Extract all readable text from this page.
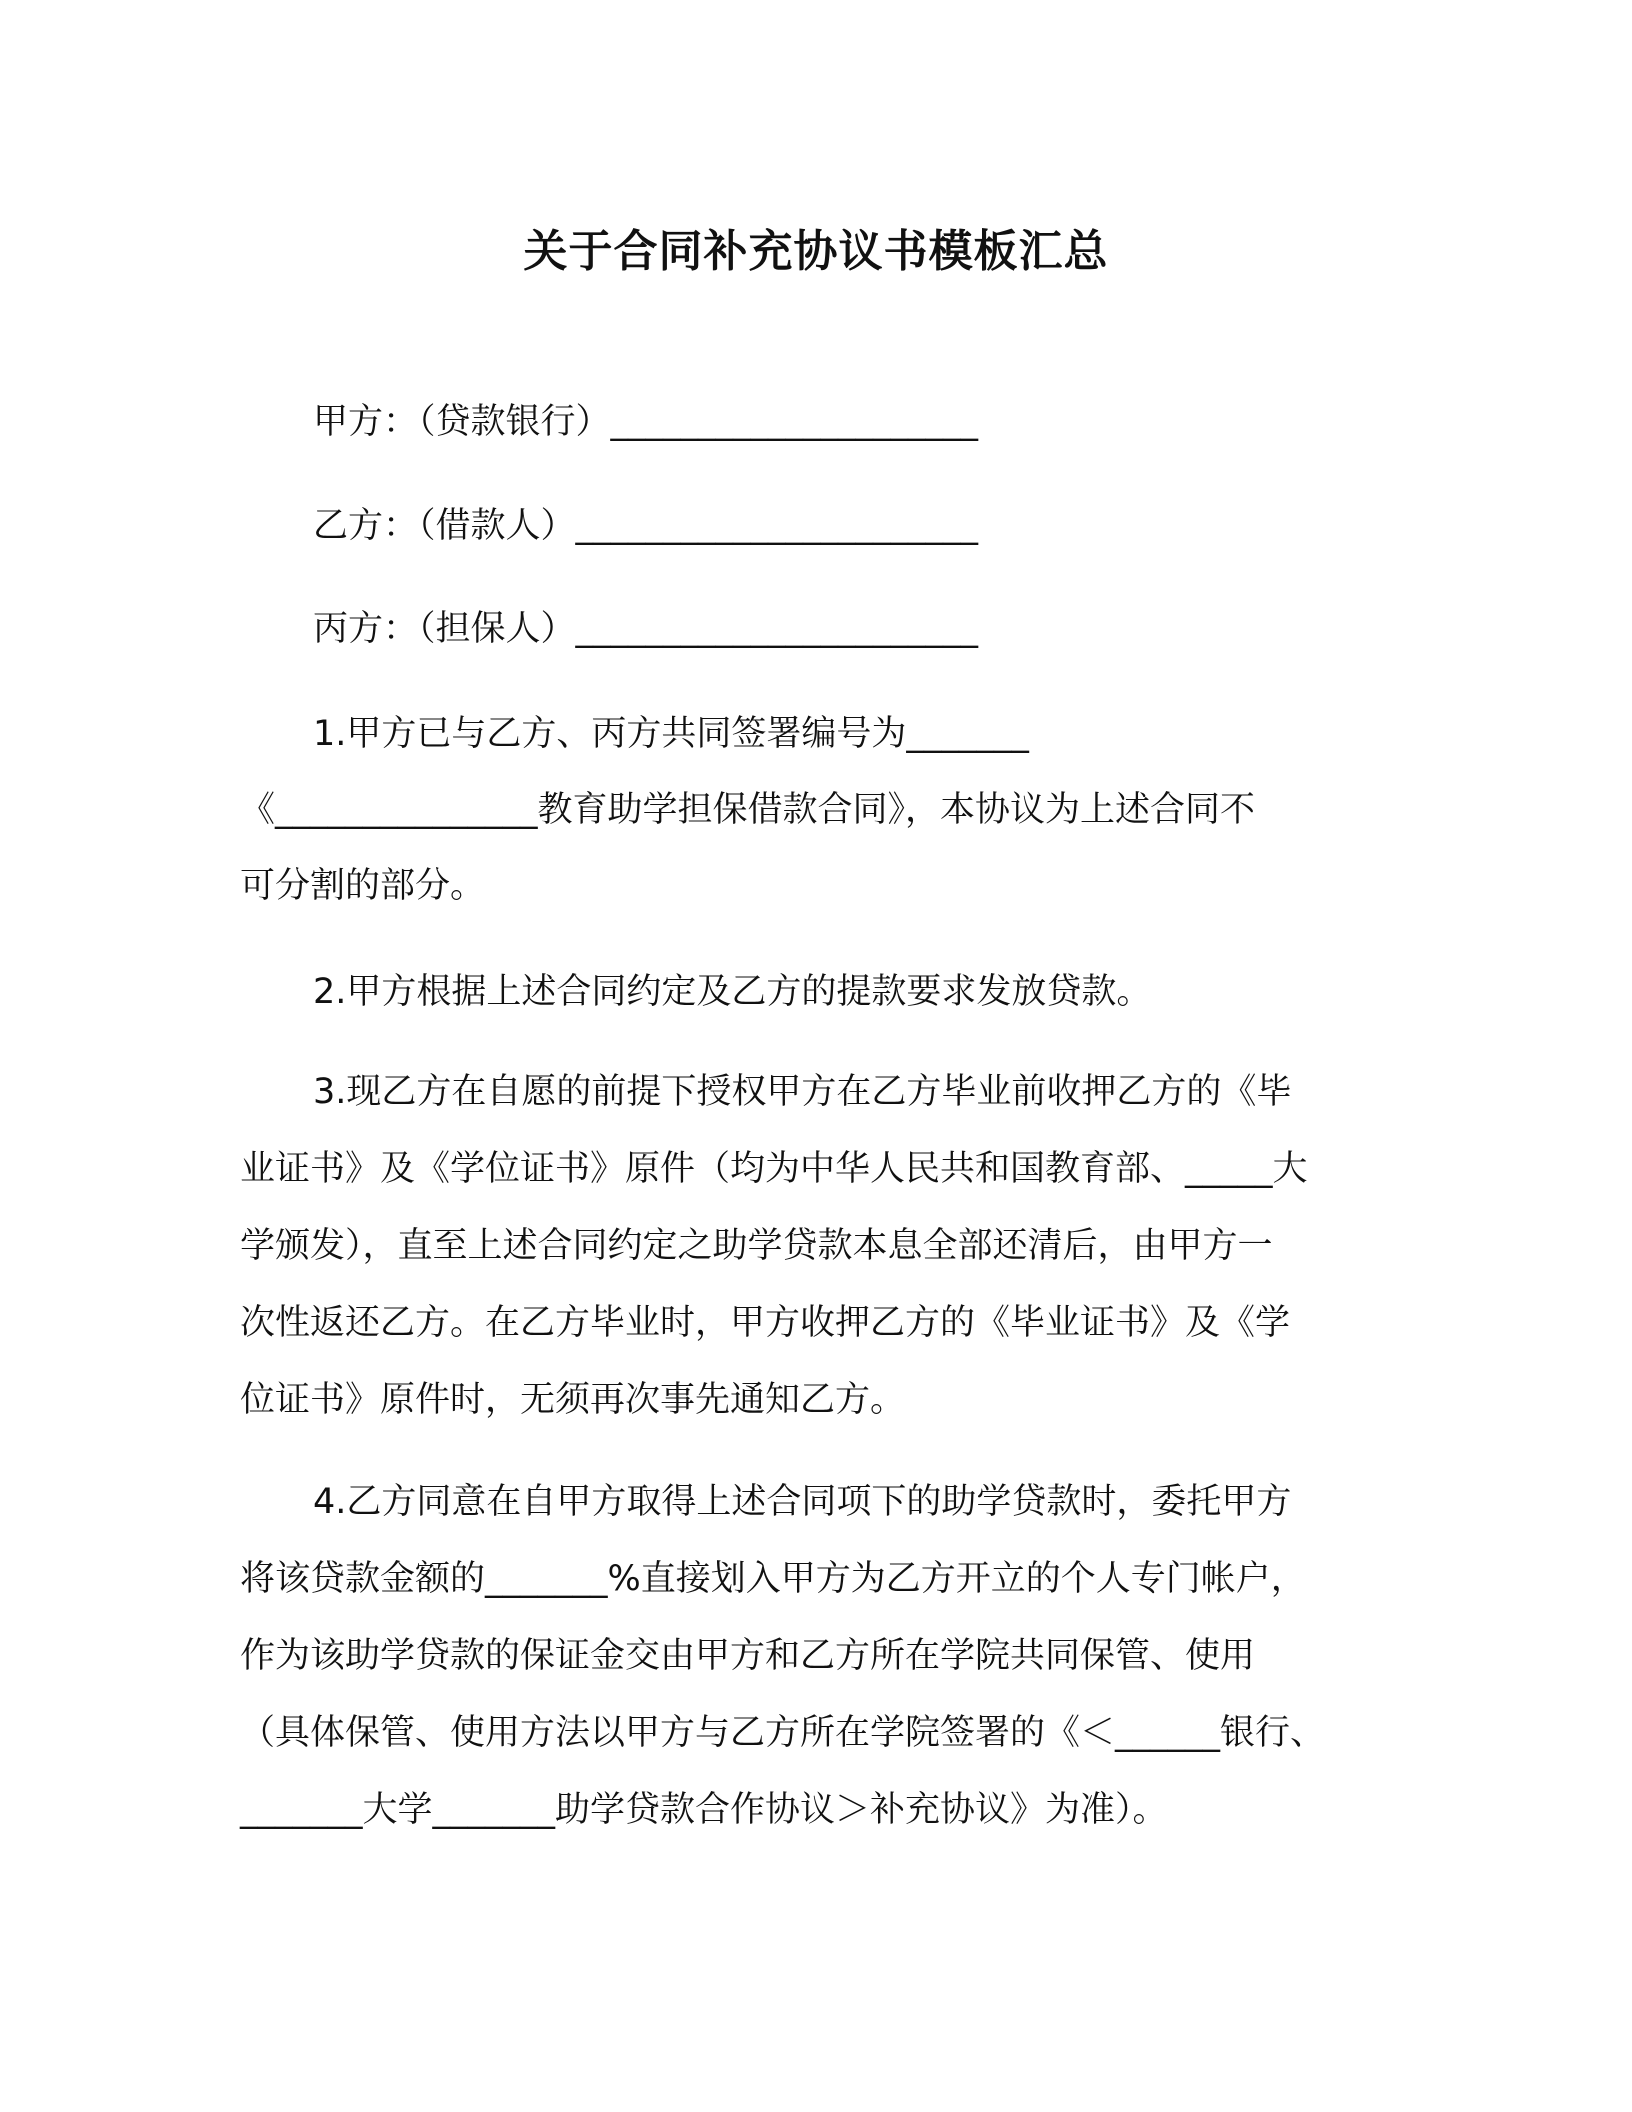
关于合同补充协议书模板汇总
甲方：（贷款银行）_____________________
乙方：（借款人）_______________________
丙方：（担保人）_______________________
1.甲方已与乙方、丙方共同签署编号为_______
《_______________教育助学担保借款合同》，本协议为上述合同不
可分割的部分。
2.甲方根据上述合同约定及乙方的提款要求发放贷款。
3.现乙方在自愿的前提下授权甲方在乙方毕业前收押乙方的《毕
业证书》及《学位证书》原件（均为中华人民共和国教育部、_____大
学颁发），直至上述合同约定之助学贷款本息全部还清后，由甲方一
次性返还乙方。在乙方毕业时，甲方收押乙方的《毕业证书》及《学
位证书》原件时，无须再次事先通知乙方。
4.乙方同意在自甲方取得上述合同项下的助学贷款时，委托甲方
将该贷款金额的_______%直接划入甲方为乙方开立的个人专门帐户，
作为该助学贷款的保证金交由甲方和乙方所在学院共同保管、使用
（具体保管、使用方法以甲方与乙方所在学院签署的《＜______银行、
_______大学_______助学贷款合作协议＞补充协议》为准）。
